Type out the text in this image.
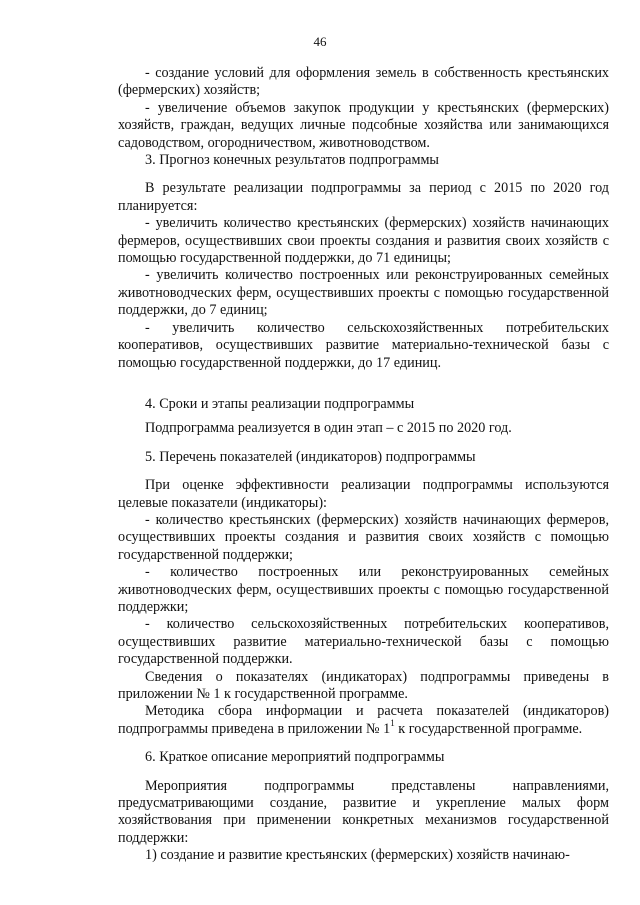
46

- создание условий для оформления земель в собственность крестьянских (фермерских) хозяйств;

- увеличение объемов закупок продукции у крестьянских (фермерских) хозяйств, граждан, ведущих личные подсобные хозяйства или занимающихся садоводством, огородничеством, животноводством.

3. Прогноз конечных результатов подпрограммы

В результате реализации подпрограммы за период с 2015 по 2020 год планируется:

- увеличить количество крестьянских (фермерских) хозяйств начинающих фермеров, осуществивших свои проекты создания и развития своих хозяйств с помощью государственной поддержки, до 71 единицы;

- увеличить количество построенных или реконструированных семейных животноводческих ферм, осуществивших проекты с помощью государственной поддержки, до 7 единиц;

- увеличить количество сельскохозяйственных потребительских кооперативов, осуществивших развитие материально-технической базы с помощью государственной поддержки, до 17 единиц.

4. Сроки и этапы реализации подпрограммы

Подпрограмма реализуется в один этап – с 2015 по 2020 год.

5. Перечень показателей (индикаторов) подпрограммы

При оценке эффективности реализации подпрограммы используются целевые показатели (индикаторы):

- количество крестьянских (фермерских) хозяйств начинающих фермеров, осуществивших проекты создания и развития своих хозяйств с помощью государственной поддержки;

- количество построенных или реконструированных семейных животноводческих ферм, осуществивших проекты с помощью государственной поддержки;

- количество сельскохозяйственных потребительских кооперативов, осуществивших развитие материально-технической базы с помощью государственной поддержки.

Сведения о показателях (индикаторах) подпрограммы приведены в приложении № 1 к государственной программе.

Методика сбора информации и расчета показателей (индикаторов) подпрограммы приведена в приложении № $1^1$ к государственной программе.

6. Краткое описание мероприятий подпрограммы

Мероприятия подпрограммы представлены направлениями, предусматривающими создание, развитие и укрепление малых форм хозяйствования при применении конкретных механизмов государственной поддержки:

1) создание и развитие крестьянских (фермерских) хозяйств начинаю-
